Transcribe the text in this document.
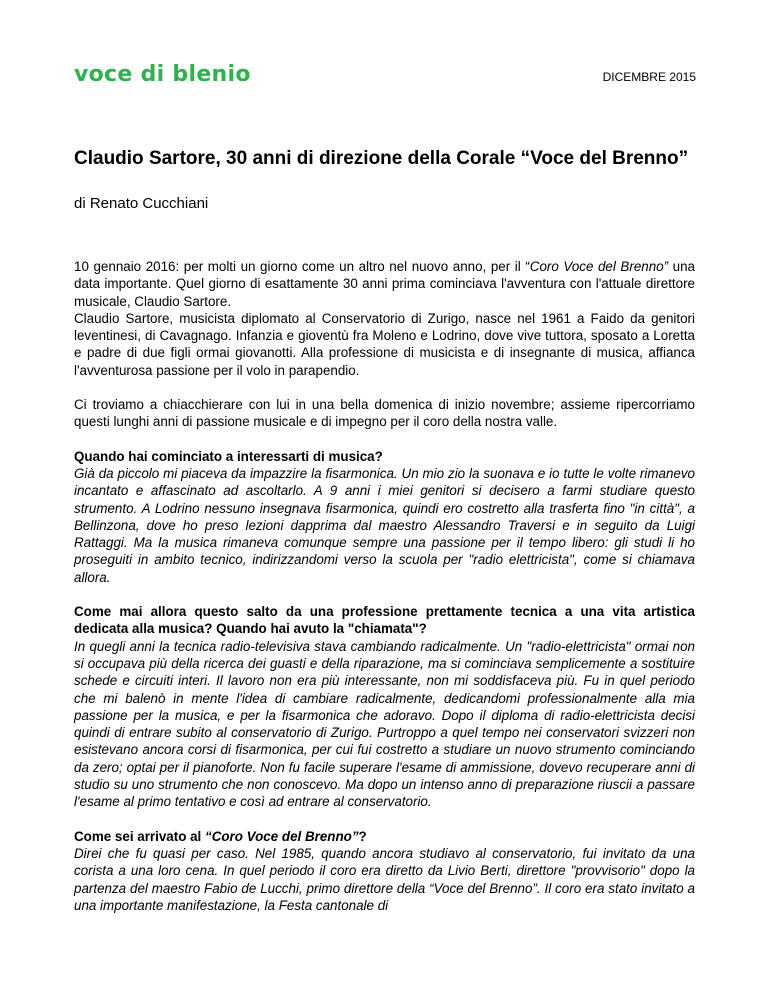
voce di blenio	DICEMBRE 2015
Claudio Sartore, 30 anni di direzione della Corale “Voce del Brenno”
di Renato Cucchiani

10 gennaio 2016: per molti un giorno come un altro nel nuovo anno, per il “Coro Voce del Brenno” una data importante. Quel giorno di esattamente 30 anni prima cominciava l'avventura con l'attuale direttore musicale, Claudio Sartore.

Claudio Sartore, musicista diplomato al Conservatorio di Zurigo, nasce nel 1961 a Faido da genitori leventinesi, di Cavagnago. Infanzia e gioventù fra Moleno e Lodrino, dove vive tuttora, sposato a Loretta e padre di due figli ormai giovanotti. Alla professione di musicista e di insegnante di musica, affianca l'avventurosa passione per il volo in parapendio.

Ci troviamo a chiacchierare con lui in una bella domenica di inizio novembre; assieme ripercorriamo questi lunghi anni di passione musicale e di impegno per il coro della nostra valle.

Quando hai cominciato a interessarti di musica?
Già da piccolo mi piaceva da impazzire la fisarmonica. Un mio zio la suonava e io tutte le volte rimanevo incantato e affascinato ad ascoltarlo. A 9 anni i miei genitori si decisero a farmi studiare questo strumento. A Lodrino nessuno insegnava fisarmonica, quindi ero costretto alla trasferta fino "in città", a Bellinzona, dove ho preso lezioni dapprima dal maestro Alessandro Traversi e in seguito da Luigi Rattaggi. Ma la musica rimaneva comunque sempre una passione per il tempo libero: gli studi li ho proseguiti in ambito tecnico, indirizzandomi verso la scuola per "radio elettricista", come si chiamava allora.

Come mai allora questo salto da una professione prettamente tecnica a una vita artistica dedicata alla musica? Quando hai avuto la "chiamata"?
In quegli anni la tecnica radio-televisiva stava cambiando radicalmente. Un "radio-elettricista" ormai non si occupava più della ricerca dei guasti e della riparazione, ma si cominciava semplicemente a sostituire schede e circuiti interi. Il lavoro non era più interessante, non mi soddisfaceva più. Fu in quel periodo che mi balenò in mente l'idea di cambiare radicalmente, dedicandomi professionalmente alla mia passione per la musica, e per la fisarmonica che adoravo. Dopo il diploma di radio-elettricista decisi quindi di entrare subito al conservatorio di Zurigo. Purtroppo a quel tempo nei conservatori svizzeri non esistevano ancora corsi di fisarmonica, per cui fui costretto a studiare un nuovo strumento cominciando da zero; optai per il pianoforte. Non fu facile superare l'esame di ammissione, dovevo recuperare anni di studio su uno strumento che non conoscevo. Ma dopo un intenso anno di preparazione riuscii a passare l'esame al primo tentativo e così ad entrare al conservatorio.

Come sei arrivato al “Coro Voce del Brenno”?
Direi che fu quasi per caso. Nel 1985, quando ancora studiavo al conservatorio, fui invitato da una corista a una loro cena. In quel periodo il coro era diretto da Livio Berti, direttore "provvisorio" dopo la partenza del maestro Fabio de Lucchi, primo direttore della “Voce del Brenno”. Il coro era stato invitato a una importante manifestazione, la Festa cantonale di
